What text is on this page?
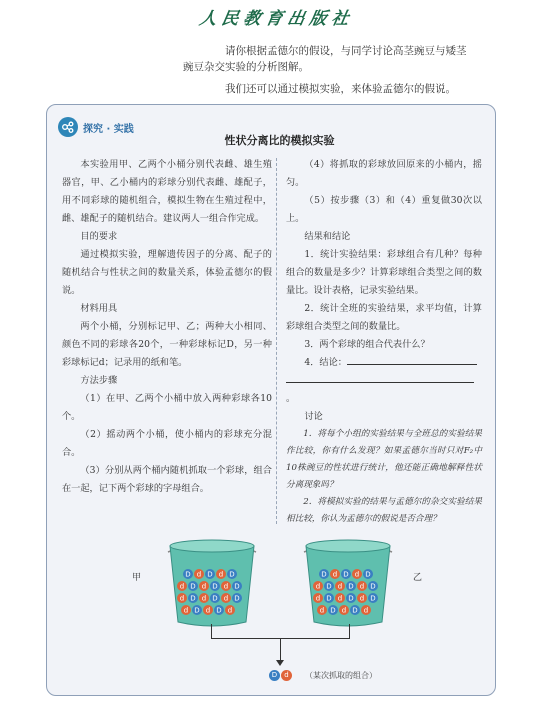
人民教育出版社
请你根据孟德尔的假设，与同学讨论高茎豌豆与矮茎
豌豆杂交实验的分析图解。
我们还可以通过模拟实验，来体验孟德尔的假说。
探究 · 实践
性状分离比的模拟实验

本实验用甲、乙两个小桶分别代表雌、雄生殖器官，甲、乙小桶内的彩球分别代表雌、雄配子，用不同彩球的随机组合，模拟生物在生殖过程中，雌、雄配子的随机结合。建议两人一组合作完成。

目的要求

通过模拟实验，理解遗传因子的分离、配子的随机结合与性状之间的数量关系，体验孟德尔的假说。

材料用具

两个小桶，分别标记甲、乙；两种大小相同、颜色不同的彩球各20个，一种彩球标记D，另一种彩球标记d；记录用的纸和笔。

方法步骤

（1）在甲、乙两个小桶中放入两种彩球各10个。

（2）摇动两个小桶，使小桶内的彩球充分混合。

（3）分别从两个桶内随机抓取一个彩球，组合在一起，记下两个彩球的字母组合。

（4）将抓取的彩球放回原来的小桶内，摇匀。

（5）按步骤（3）和（4）重复做30次以上。

结果和结论

1．统计实验结果：彩球组合有几种？每种组合的数量是多少？计算彩球组合类型之间的数量比。设计表格，记录实验结果。

2．统计全班的实验结果，求平均值，计算彩球组合类型之间的数量比。

3．两个彩球的组合代表什么？

4．结论：

。

讨论

1．将每个小组的实验结果与全班总的实验结果作比较，你有什么发现？如果孟德尔当时只对F₂中10株豌豆的性状进行统计，他还能正确地解释性状分离现象吗？

2．将模拟实验的结果与孟德尔的杂交实验结果相比较，你认为孟德尔的假说是否合理？

甲	乙
D d D d D
d D d D d D
d D d D d D
d D d D d
D d D d D
d D d D d D
d D d D d D
d D d D d
D	d	（某次抓取的组合）
